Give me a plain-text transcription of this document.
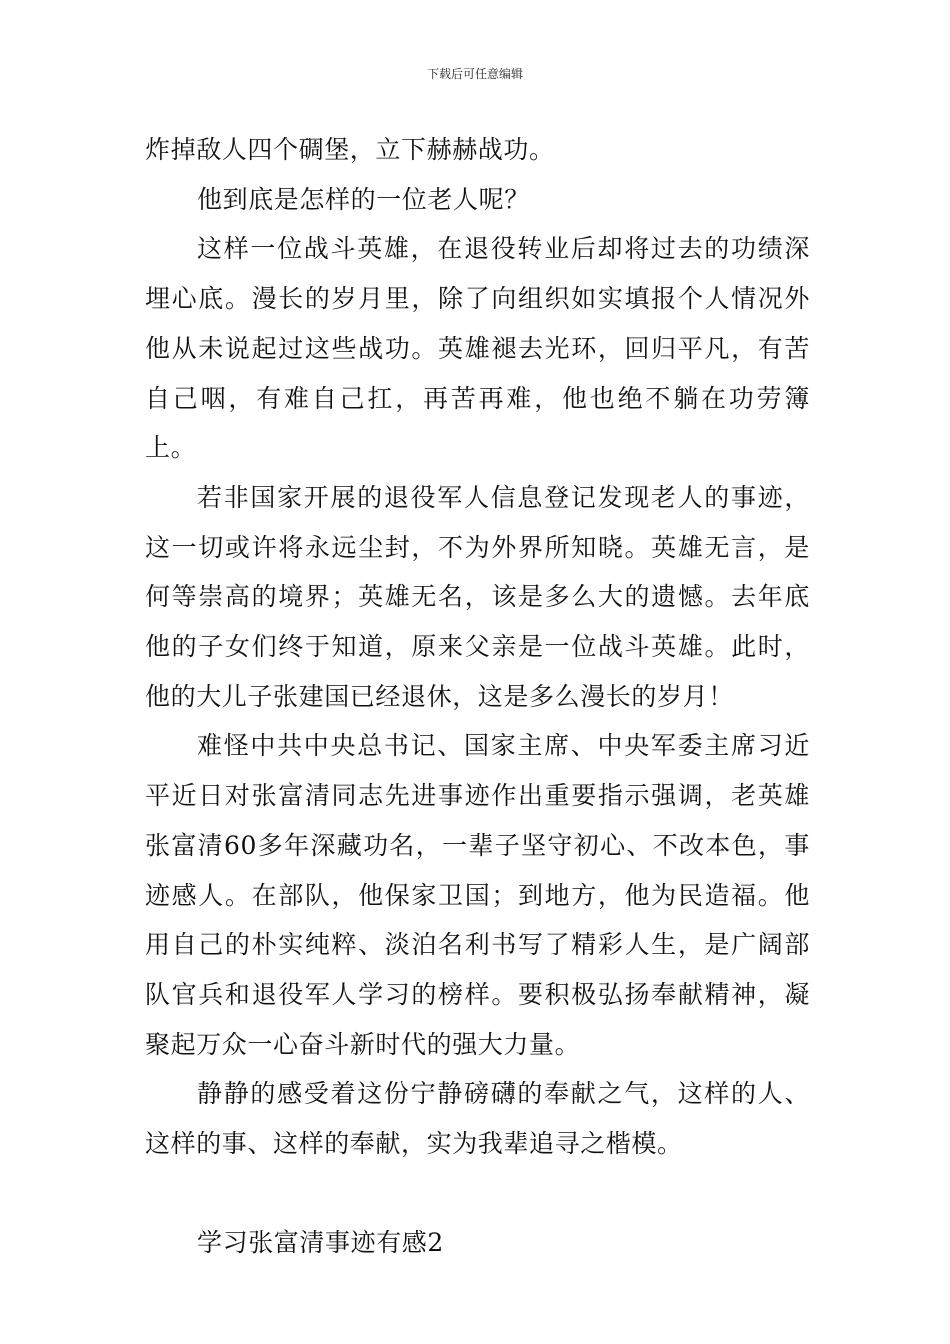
下载后可任意编辑

炸掉敌人四个碉堡，立下赫赫战功。

他到底是怎样的一位老人呢？

这样一位战斗英雄，在退役转业后却将过去的功绩深埋心底。漫长的岁月里，除了向组织如实填报个人情况外他从未说起过这些战功。英雄褪去光环，回归平凡，有苦自己咽，有难自己扛，再苦再难，他也绝不躺在功劳簿上。

若非国家开展的退役军人信息登记发现老人的事迹，这一切或许将永远尘封，不为外界所知晓。英雄无言，是何等崇高的境界；英雄无名，该是多么大的遗憾。去年底他的子女们终于知道，原来父亲是一位战斗英雄。此时，他的大儿子张建国已经退休，这是多么漫长的岁月！

难怪中共中央总书记、国家主席、中央军委主席习近平近日对张富清同志先进事迹作出重要指示强调，老英雄张富清60多年深藏功名，一辈子坚守初心、不改本色，事迹感人。在部队，他保家卫国；到地方，他为民造福。他用自己的朴实纯粹、淡泊名利书写了精彩人生，是广阔部队官兵和退役军人学习的榜样。要积极弘扬奉献精神，凝聚起万众一心奋斗新时代的强大力量。

静静的感受着这份宁静磅礴的奉献之气，这样的人、这样的事、这样的奉献，实为我辈追寻之楷模。

学习张富清事迹有感2
